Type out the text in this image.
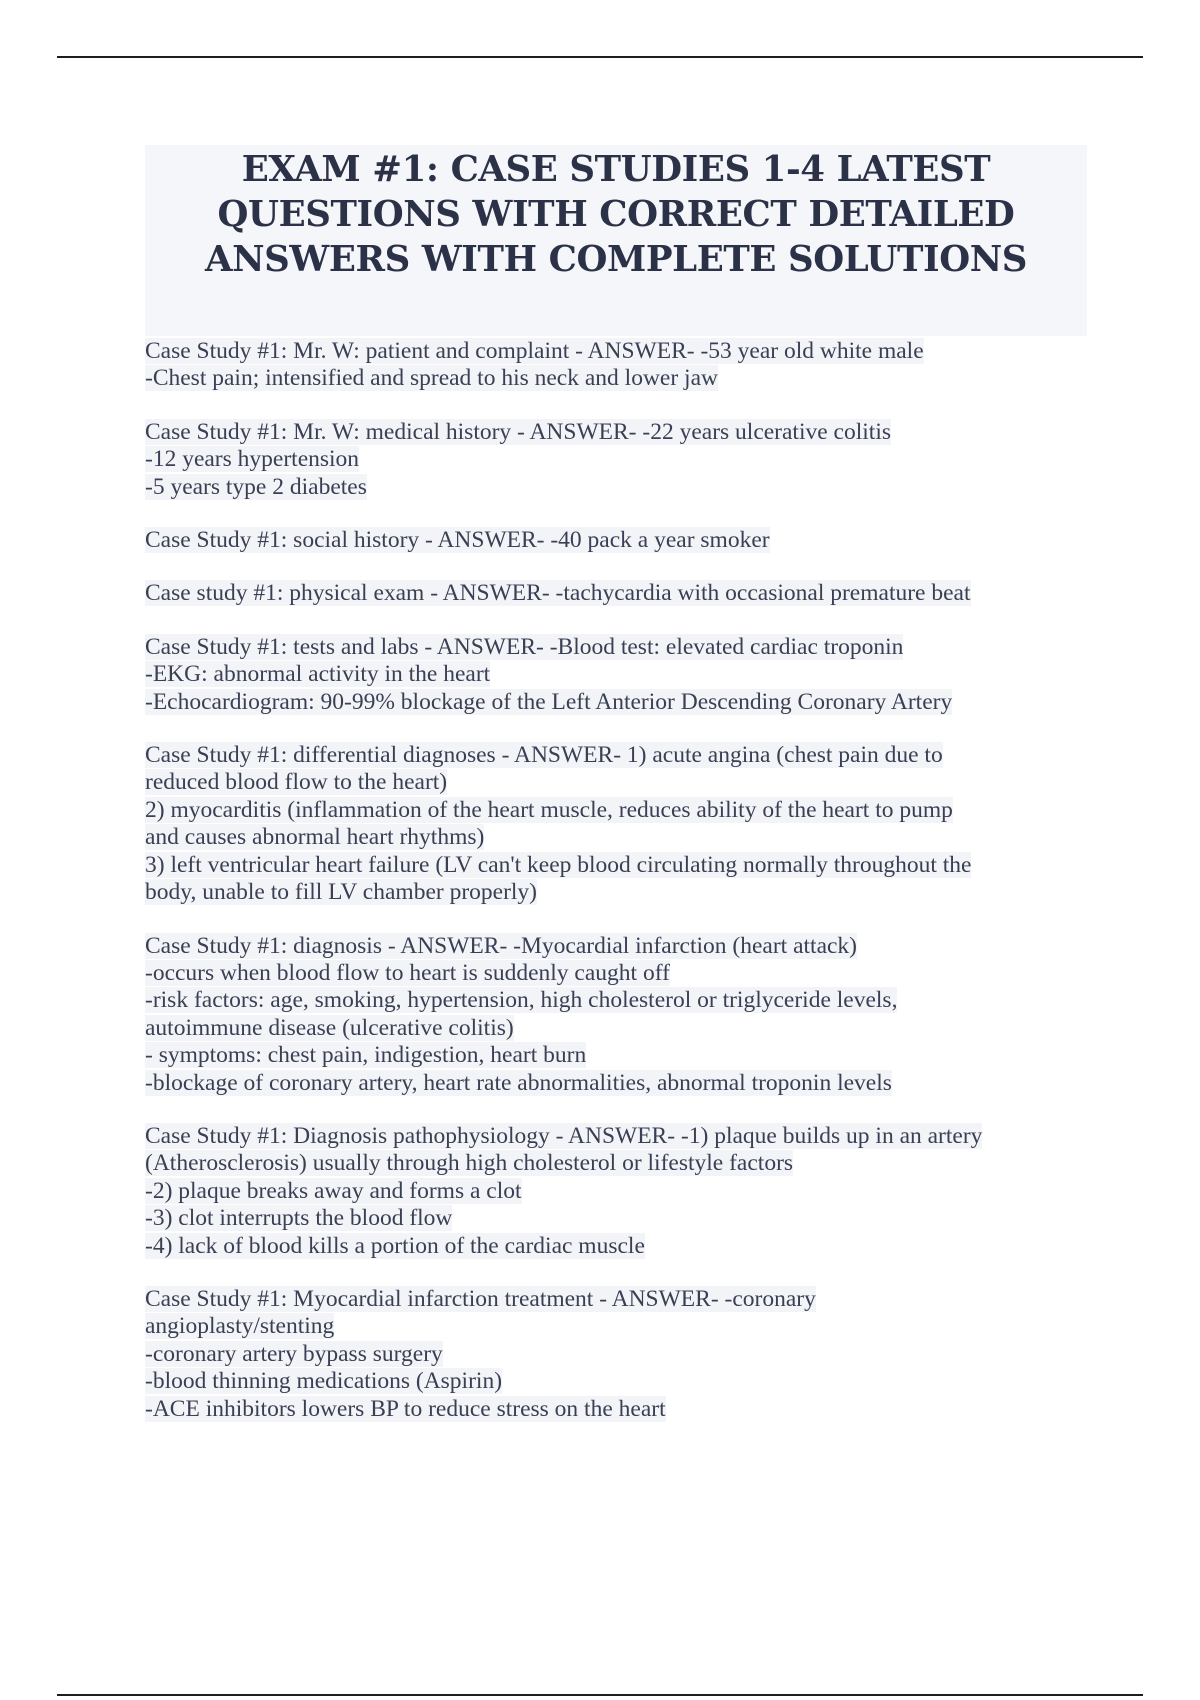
EXAM #1: CASE STUDIES 1-4 LATEST
QUESTIONS WITH CORRECT DETAILED
ANSWERS WITH COMPLETE SOLUTIONS
Case Study #1: Mr. W: patient and complaint - ANSWER- -53 year old white male
-Chest pain; intensified and spread to his neck and lower jaw
Case Study #1: Mr. W: medical history - ANSWER- -22 years ulcerative colitis
-12 years hypertension
-5 years type 2 diabetes
Case Study #1: social history - ANSWER- -40 pack a year smoker
Case study #1: physical exam - ANSWER- -tachycardia with occasional premature beat
Case Study #1: tests and labs - ANSWER- -Blood test: elevated cardiac troponin
-EKG: abnormal activity in the heart
-Echocardiogram: 90-99% blockage of the Left Anterior Descending Coronary Artery
Case Study #1: differential diagnoses - ANSWER- 1) acute angina (chest pain due to
reduced blood flow to the heart)
2) myocarditis (inflammation of the heart muscle, reduces ability of the heart to pump
and causes abnormal heart rhythms)
3) left ventricular heart failure (LV can't keep blood circulating normally throughout the
body, unable to fill LV chamber properly)
Case Study #1: diagnosis - ANSWER- -Myocardial infarction (heart attack)
-occurs when blood flow to heart is suddenly caught off
-risk factors: age, smoking, hypertension, high cholesterol or triglyceride levels,
autoimmune disease (ulcerative colitis)
- symptoms: chest pain, indigestion, heart burn
-blockage of coronary artery, heart rate abnormalities, abnormal troponin levels
Case Study #1: Diagnosis pathophysiology - ANSWER- -1) plaque builds up in an artery
(Atherosclerosis) usually through high cholesterol or lifestyle factors
-2) plaque breaks away and forms a clot
-3) clot interrupts the blood flow
-4) lack of blood kills a portion of the cardiac muscle
Case Study #1: Myocardial infarction treatment - ANSWER- -coronary
angioplasty/stenting
-coronary artery bypass surgery
-blood thinning medications (Aspirin)
-ACE inhibitors lowers BP to reduce stress on the heart
